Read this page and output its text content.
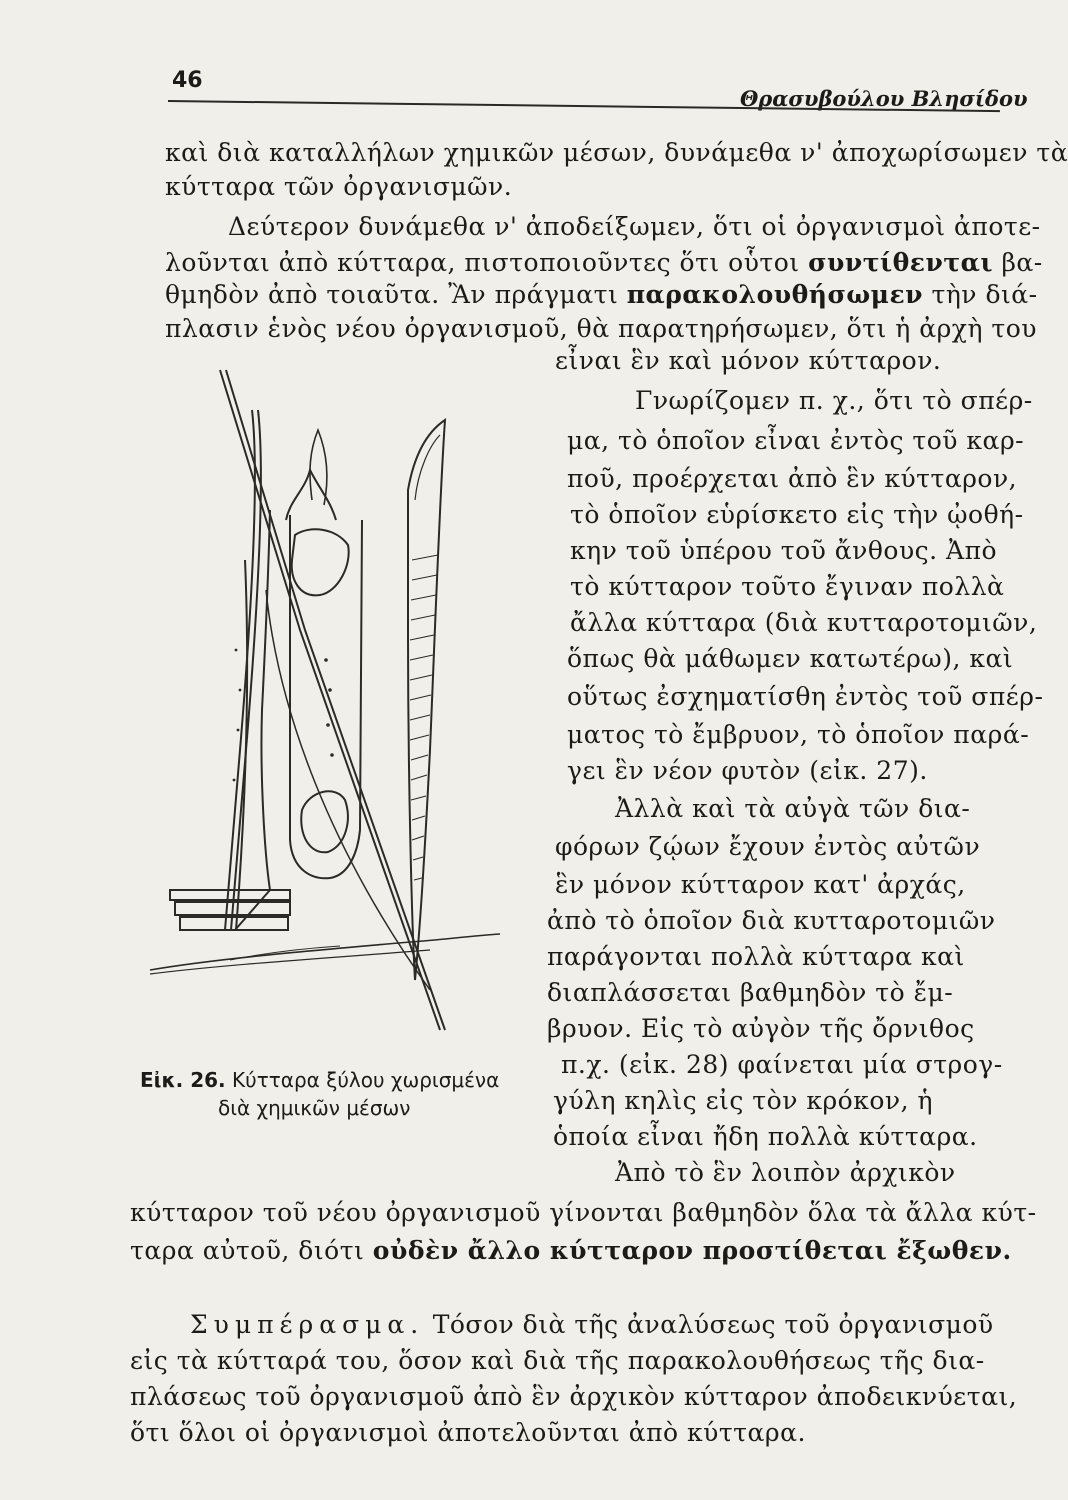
46
Θρασυβούλου Βλησίδου
καὶ διὰ καταλλήλων χημικῶν μέσων, δυνάμεθα ν' ἀποχωρίσωμεν τὰ
κύτταρα τῶν ὀργανισμῶν.
Δεύτερον δυνάμεθα ν' ἀποδείξωμεν, ὅτι οἱ ὀργανισμοὶ ἀποτε-
λοῦνται ἀπὸ κύτταρα, πιστοποιοῦντες ὅτι οὗτοι συντίθενται βα-
θμηδὸν ἀπὸ τοιαῦτα. Ἂν πράγματι παρακολουθήσωμεν τὴν διά-
πλασιν ἑνὸς νέου ὀργανισμοῦ, θὰ παρατηρήσωμεν, ὅτι ἡ ἀρχὴ του
Εἰκ. 26. Κύτταρα ξύλου χωρισμένα
διὰ χημικῶν μέσων
εἶναι ἓν καὶ μόνον κύτταρον.
Γνωρίζομεν π. χ., ὅτι τὸ σπέρ-
μα, τὸ ὁποῖον εἶναι ἐντὸς τοῦ καρ-
ποῦ, προέρχεται ἀπὸ ἓν κύτταρον,
τὸ ὁποῖον εὑρίσκετο εἰς τὴν ᾠοθή-
κην τοῦ ὑπέρου τοῦ ἄνθους. Ἀπὸ
τὸ κύτταρον τοῦτο ἔγιναν πολλὰ
ἄλλα κύτταρα (διὰ κυτταροτομιῶν,
ὅπως θὰ μάθωμεν κατωτέρω), καὶ
οὕτως ἐσχηματίσθη ἐντὸς τοῦ σπέρ-
ματος τὸ ἔμβρυον, τὸ ὁποῖον παρά-
γει ἓν νέον φυτὸν (εἰκ. 27).
Ἀλλὰ καὶ τὰ αὐγὰ τῶν δια-
φόρων ζῴων ἔχουν ἐντὸς αὐτῶν
ἓν μόνον κύτταρον κατ' ἀρχάς,
ἀπὸ τὸ ὁποῖον διὰ κυτταροτομιῶν
παράγονται πολλὰ κύτταρα καὶ
διαπλάσσεται βαθμηδὸν τὸ ἔμ-
βρυον. Εἰς τὸ αὐγὸν τῆς ὄρνιθος
π.χ. (εἰκ. 28) φαίνεται μία στρογ-
γύλη κηλὶς εἰς τὸν κρόκον, ἡ
ὁποία εἶναι ἤδη πολλὰ κύτταρα.
Ἀπὸ τὸ ἓν λοιπὸν ἀρχικὸν
κύτταρον τοῦ νέου ὀργανισμοῦ γίνονται βαθμηδὸν ὅλα τὰ ἄλλα κύτ-
ταρα αὐτοῦ, διότι οὐδὲν ἄλλο κύτταρον προστίθεται ἔξωθεν.
Συμπέρασμα. Τόσον διὰ τῆς ἀναλύσεως τοῦ ὀργανισμοῦ
εἰς τὰ κύτταρά του, ὅσον καὶ διὰ τῆς παρακολουθήσεως τῆς δια-
πλάσεως τοῦ ὀργανισμοῦ ἀπὸ ἓν ἀρχικὸν κύτταρον ἀποδεικνύεται,
ὅτι ὅλοι οἱ ὀργανισμοὶ ἀποτελοῦνται ἀπὸ κύτταρα.
